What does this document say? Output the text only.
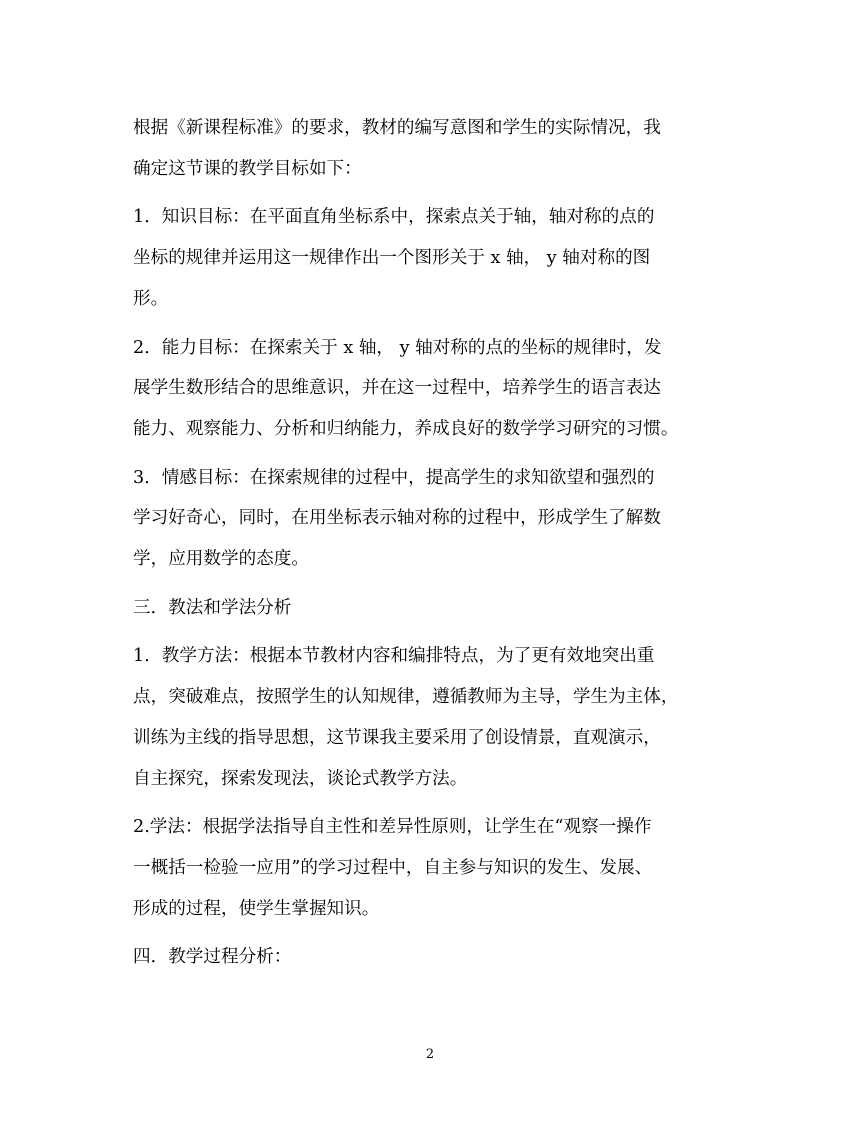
根据《新课程标准》的要求，教材的编写意图和学生的实际情况，我
确定这节课的教学目标如下：

1．知识目标：在平面直角坐标系中，探索点关于轴，轴对称的点的
坐标的规律并运用这一规律作出一个图形关于 x 轴， y 轴对称的图
形。

2．能力目标：在探索关于 x 轴， y 轴对称的点的坐标的规律时，发
展学生数形结合的思维意识，并在这一过程中，培养学生的语言表达
能力、观察能力、分析和归纳能力，养成良好的数学学习研究的习惯。

3．情感目标：在探索规律的过程中，提高学生的求知欲望和强烈的
学习好奇心，同时，在用坐标表示轴对称的过程中，形成学生了解数
学，应用数学的态度。

三．教法和学法分析

1．教学方法：根据本节教材内容和编排特点，为了更有效地突出重
点，突破难点，按照学生的认知规律，遵循教师为主导，学生为主体，
训练为主线的指导思想，这节课我主要采用了创设情景，直观演示，
自主探究，探索发现法，谈论式教学方法。

2.学法：根据学法指导自主性和差异性原则，让学生在“观察一操作
一概括一检验一应用”的学习过程中，自主参与知识的发生、发展、
形成的过程，使学生掌握知识。

四．教学过程分析：

2
